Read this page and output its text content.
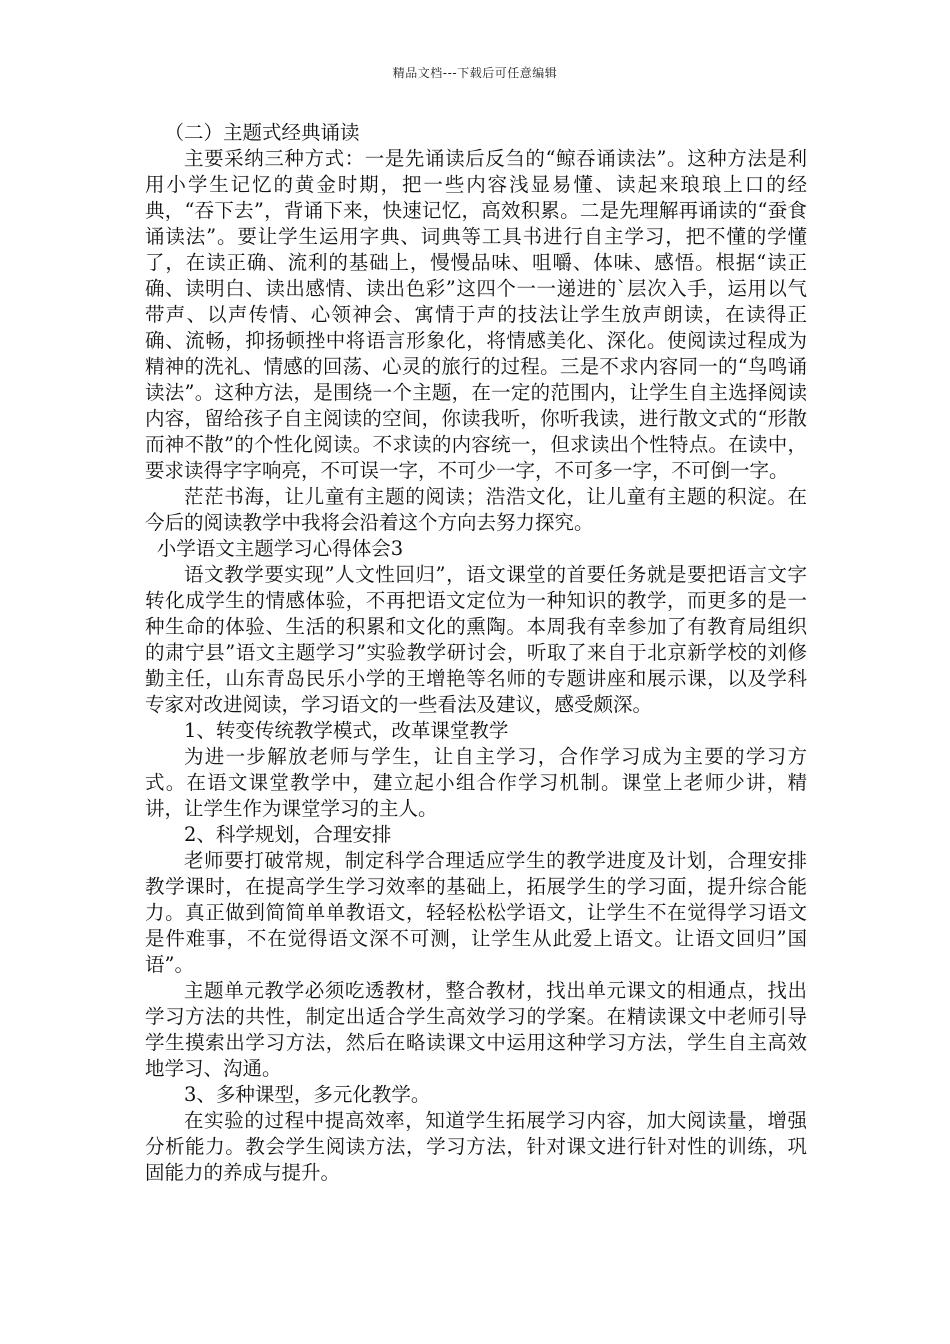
精品文档---下载后可任意编辑

（二）主题式经典诵读

主要采纳三种方式：一是先诵读后反刍的“鲸吞诵读法”。这种方法是利用小学生记忆的黄金时期，把一些内容浅显易懂、读起来琅琅上口的经典，“吞下去”，背诵下来，快速记忆，高效积累。二是先理解再诵读的“蚕食诵读法”。要让学生运用字典、词典等工具书进行自主学习，把不懂的学懂了，在读正确、流利的基础上，慢慢品味、咀嚼、体味、感悟。根据“读正确、读明白、读出感情、读出色彩”这四个一一递进的`层次入手，运用以气带声、以声传情、心领神会、寓情于声的技法让学生放声朗读，在读得正确、流畅，抑扬顿挫中将语言形象化，将情感美化、深化。使阅读过程成为精神的洗礼、情感的回荡、心灵的旅行的过程。三是不求内容同一的“鸟鸣诵读法”。这种方法，是围绕一个主题，在一定的范围内，让学生自主选择阅读内容，留给孩子自主阅读的空间，你读我听，你听我读，进行散文式的“形散而神不散”的个性化阅读。不求读的内容统一，但求读出个性特点。在读中，要求读得字字响亮，不可误一字，不可少一字，不可多一字，不可倒一字。

茫茫书海，让儿童有主题的阅读；浩浩文化，让儿童有主题的积淀。在今后的阅读教学中我将会沿着这个方向去努力探究。

小学语文主题学习心得体会3

语文教学要实现”人文性回归”，语文课堂的首要任务就是要把语言文字转化成学生的情感体验，不再把语文定位为一种知识的教学，而更多的是一种生命的体验、生活的积累和文化的熏陶。本周我有幸参加了有教育局组织的肃宁县”语文主题学习”实验教学研讨会，听取了来自于北京新学校的刘修勤主任，山东青岛民乐小学的王增艳等名师的专题讲座和展示课，以及学科专家对改进阅读，学习语文的一些看法及建议，感受颇深。

1、转变传统教学模式，改革课堂教学

为进一步解放老师与学生，让自主学习，合作学习成为主要的学习方式。在语文课堂教学中，建立起小组合作学习机制。课堂上老师少讲，精讲，让学生作为课堂学习的主人。

2、科学规划，合理安排

老师要打破常规，制定科学合理适应学生的教学进度及计划，合理安排教学课时，在提高学生学习效率的基础上，拓展学生的学习面，提升综合能力。真正做到简简单单教语文，轻轻松松学语文，让学生不在觉得学习语文是件难事，不在觉得语文深不可测，让学生从此爱上语文。让语文回归”国语”。

主题单元教学必须吃透教材，整合教材，找出单元课文的相通点，找出学习方法的共性，制定出适合学生高效学习的学案。在精读课文中老师引导学生摸索出学习方法，然后在略读课文中运用这种学习方法，学生自主高效地学习、沟通。

3、多种课型，多元化教学。

在实验的过程中提高效率，知道学生拓展学习内容，加大阅读量，增强分析能力。教会学生阅读方法，学习方法，针对课文进行针对性的训练，巩固能力的养成与提升。
